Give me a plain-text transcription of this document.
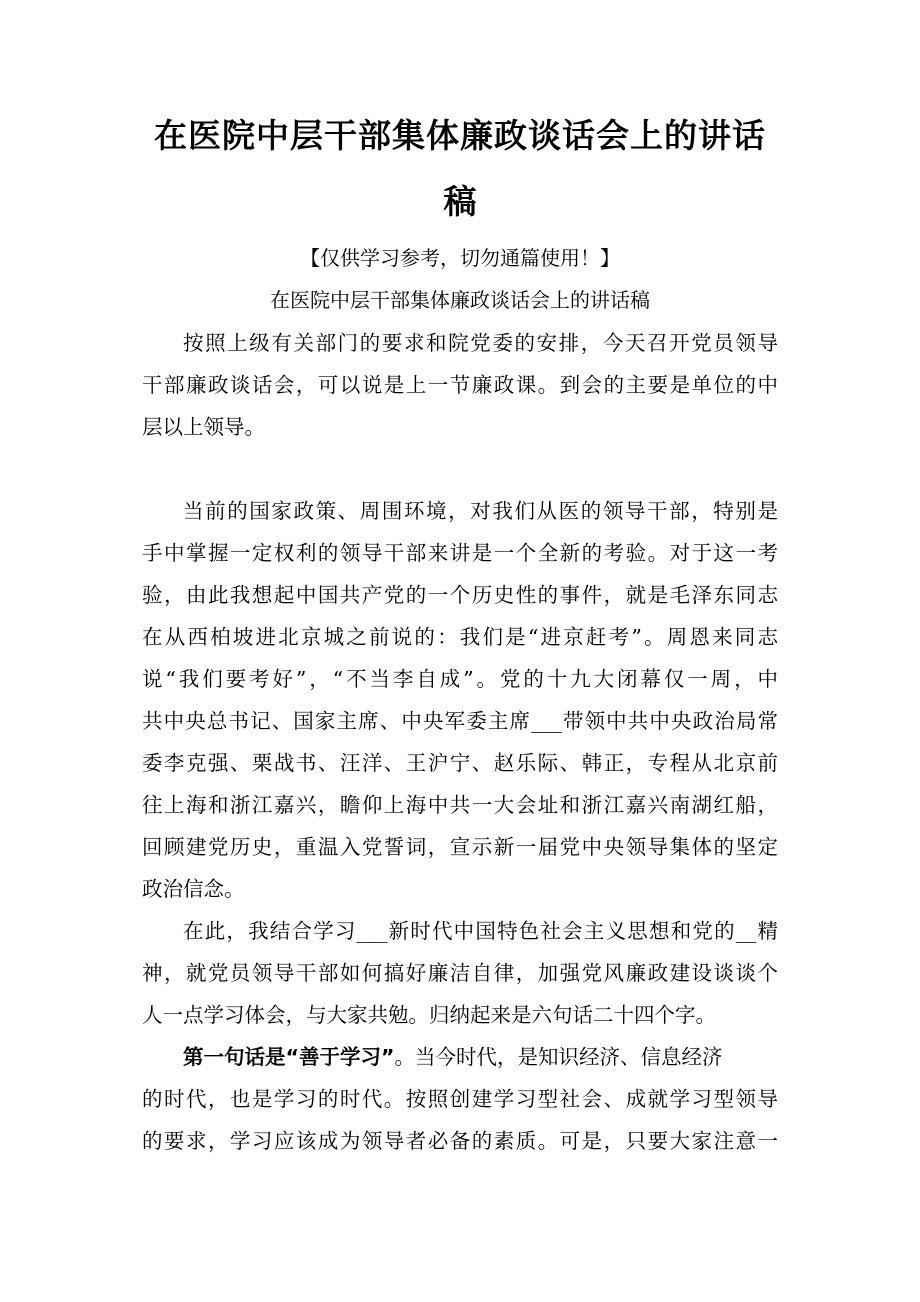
在医院中层干部集体廉政谈话会上的讲话
稿
【仅供学习参考，切勿通篇使用！】
在医院中层干部集体廉政谈话会上的讲话稿
按照上级有关部门的要求和院党委的安排，今天召开党员领导
干部廉政谈话会，可以说是上一节廉政课。到会的主要是单位的中
层以上领导。
当前的国家政策、周围环境，对我们从医的领导干部，特别是
手中掌握一定权利的领导干部来讲是一个全新的考验。对于这一考
验，由此我想起中国共产党的一个历史性的事件，就是毛泽东同志
在从西柏坡进北京城之前说的：我们是“进京赶考”。周恩来同志
说“我们要考好”，“不当李自成”。党的十九大闭幕仅一周，中
共中央总书记、国家主席、中央军委主席___带领中共中央政治局常
委李克强、栗战书、汪洋、王沪宁、赵乐际、韩正，专程从北京前
往上海和浙江嘉兴，瞻仰上海中共一大会址和浙江嘉兴南湖红船，
回顾建党历史，重温入党誓词，宣示新一届党中央领导集体的坚定
政治信念。
在此，我结合学习___新时代中国特色社会主义思想和党的__精
神，就党员领导干部如何搞好廉洁自律，加强党风廉政建设谈谈个
人一点学习体会，与大家共勉。归纳起来是六句话二十四个字。
第一句话是“善于学习”。当今时代，是知识经济、信息经济
的时代，也是学习的时代。按照创建学习型社会、成就学习型领导
的要求，学习应该成为领导者必备的素质。可是，只要大家注意一
